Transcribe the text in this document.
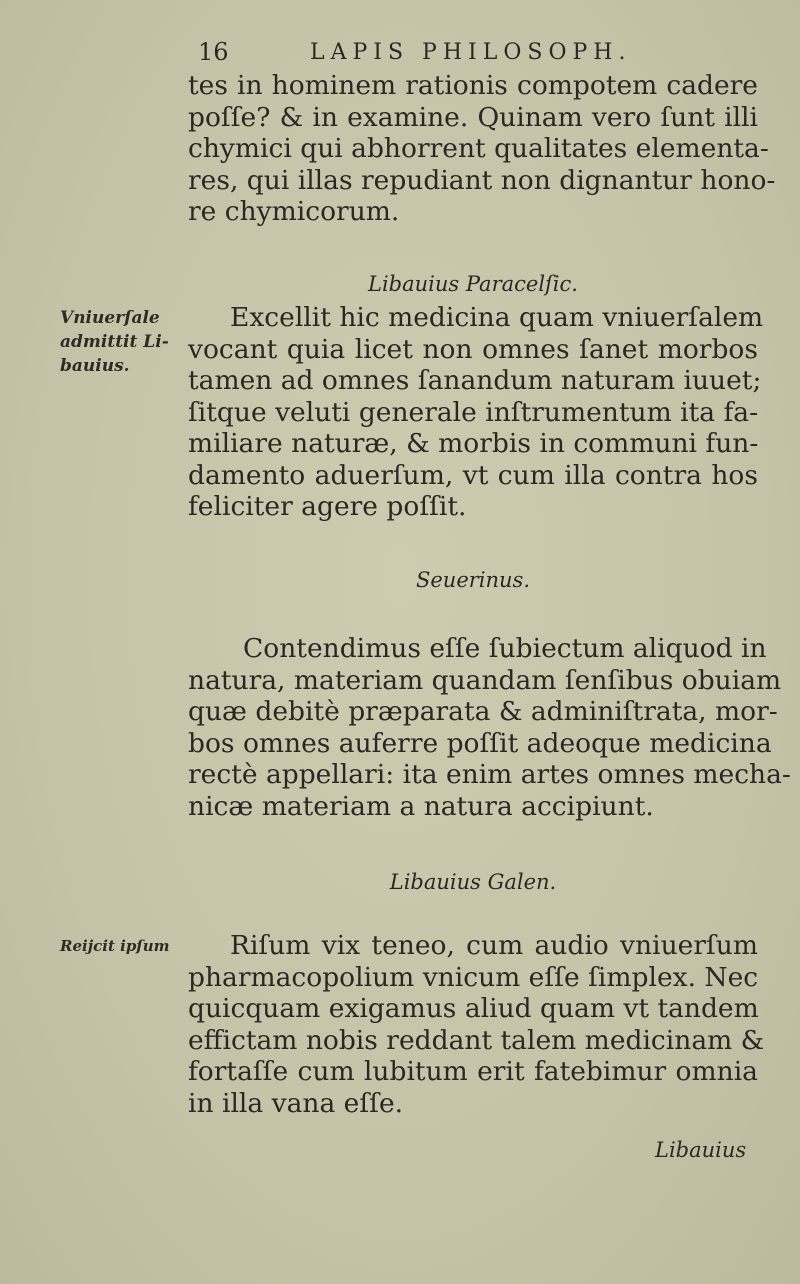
16	LAPIS PHILOSOPH.
tes in hominem rationis compotem cadere
poſſe? & in examine. Quinam vero ſunt illi
chymici qui abhorrent qualitates elementa-
res, qui illas repudiant non dignantur hono-
re chymicorum.
Libauius Paracelſic.
Vniuerſale
admittit Li-
bauius.
Excellit hic medicina quam vniuerſalem
vocant quia licet non omnes ſanet morbos
tamen ad omnes ſanandum naturam iuuet;
ſitque veluti generale inſtrumentum ita fa-
miliare naturæ, & morbis in communi fun-
damento aduerſum, vt cum illa contra hos
feliciter agere poſſit.
Seuerinus.
Contendimus eſſe ſubiectum aliquod in
natura, materiam quandam ſenſibus obuiam
quæ debitè præparata & adminiſtrata, mor-
bos omnes auferre poſſit adeoque medicina
rectè appellari: ita enim artes omnes mecha-
nicæ materiam a natura accipiunt.
Libauius Galen.
Reijcit ipſum	Riſum vix teneo, cum audio vniuerſum
pharmacopolium vnicum eſſe ſimplex. Nec
quicquam exigamus aliud quam vt tandem
effictam nobis reddant talem medicinam &
fortaſſe cum lubitum erit fatebimur omnia
in illa vana eſſe.
Libauius
